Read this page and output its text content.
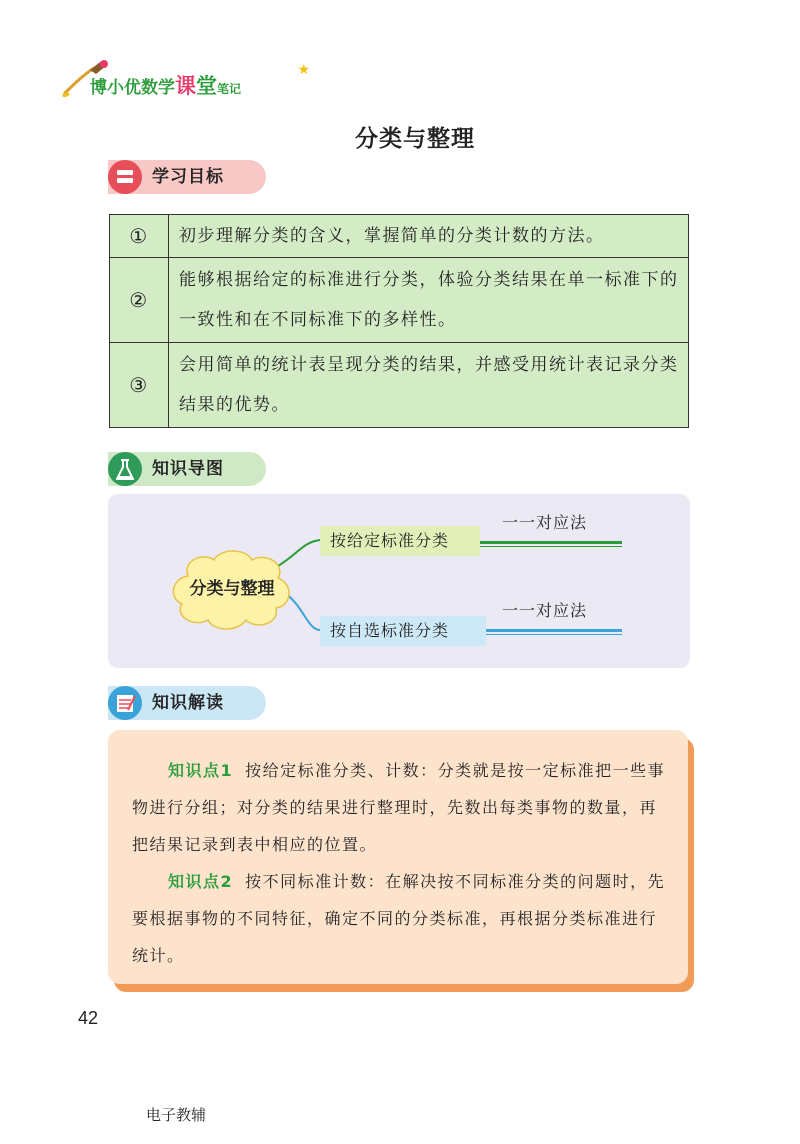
博小优数学课堂笔记
★
分类与整理
学习目标
①	初步理解分类的含义，掌握简单的分类计数的方法。
②	能够根据给定的标准进行分类，体验分类结果在单一标准下的一致性和在不同标准下的多样性。
③	会用简单的统计表呈现分类的结果，并感受用统计表记录分类结果的优势。
知识导图
分类与整理
按给定标准分类
按自选标准分类
一一对应法
一一对应法
知识解读

知识点1 按给定标准分类、计数：分类就是按一定标准把一些事物进行分组；对分类的结果进行整理时，先数出每类事物的数量，再把结果记录到表中相应的位置。

知识点2 按不同标准计数：在解决按不同标准分类的问题时，先要根据事物的不同特征，确定不同的分类标准，再根据分类标准进行统计。

42
电子教辅
